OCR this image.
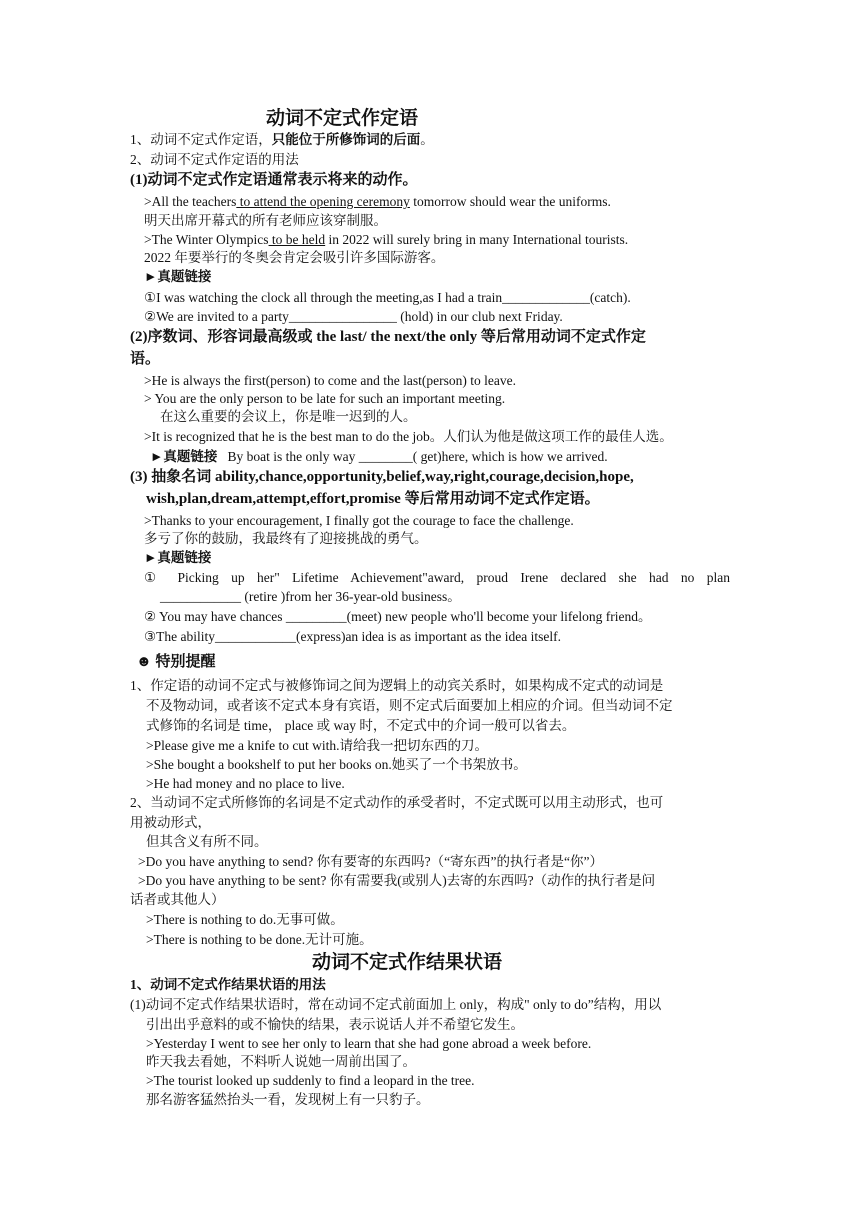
动词不定式作定语
1、动词不定式作定语，只能位于所修饰词的后面。
2、动词不定式作定语的用法
(1)动词不定式作定语通常表示将来的动作。
>All the teachers to attend the opening ceremony tomorrow should wear the uniforms.
明天出席开幕式的所有老师应该穿制服。
>The Winter Olympics to be held in 2022 will surely bring in many International tourists.
2022 年要举行的冬奥会肯定会吸引许多国际游客。
►真题链接
①I was watching the clock all through the meeting,as I had a train_____________(catch).
②We are invited to a party________________ (hold) in our club next Friday.
(2)序数词、形容词最高级或 the last/ the next/the only 等后常用动词不定式作定
语。
>He is always the first(person) to come and the last(person) to leave.
> You are the only person to be late for such an important meeting.
在这么重要的会议上，你是唯一迟到的人。
>It is recognized that he is the best man to do the job。人们认为他是做这项工作的最佳人选。
►真题链接 By boat is the only way ________( get)here, which is how we arrived.
(3) 抽象名词 ability,chance,opportunity,belief,way,right,courage,decision,hope,
wish,plan,dream,attempt,effort,promise 等后常用动词不定式作定语。
>Thanks to your encouragement, I finally got the courage to face the challenge.
多亏了你的鼓励，我最终有了迎接挑战的勇气。
►真题链接
① Picking up her" Lifetime Achievement"award, proud Irene declared she had no plan
____________ (retire )from her 36-year-old business。
② You may have chances _________(meet) new people who'll become your lifelong friend。
③The ability____________(express)an idea is as important as the idea itself.
☻ 特别提醒
1、作定语的动词不定式与被修饰词之间为逻辑上的动宾关系时，如果构成不定式的动词是
不及物动词，或者该不定式本身有宾语，则不定式后面要加上相应的介词。但当动词不定
式修饰的名词是 time， place 或 way 时，不定式中的介词一般可以省去。
>Please give me a knife to cut with.请给我一把切东西的刀。
>She bought a bookshelf to put her books on.她买了一个书架放书。
>He had money and no place to live.
2、当动词不定式所修饰的名词是不定式动作的承受者时，不定式既可以用主动形式，也可
用被动形式，
但其含义有所不同。
>Do you have anything to send? 你有要寄的东西吗?（“寄东西”的执行者是“你”）
>Do you have anything to be sent? 你有需要我(或别人)去寄的东西吗?（动作的执行者是问
话者或其他人）
>There is nothing to do.无事可做。
>There is nothing to be done.无计可施。
动词不定式作结果状语
1、动词不定式作结果状语的用法
(1)动词不定式作结果状语时，常在动词不定式前面加上 only，构成" only to do”结构，用以
引出出乎意料的或不愉快的结果，表示说话人并不希望它发生。
>Yesterday I went to see her only to learn that she had gone abroad a week before.
昨天我去看她，不料听人说她一周前出国了。
>The tourist looked up suddenly to find a leopard in the tree.
那名游客猛然抬头一看，发现树上有一只豹子。
